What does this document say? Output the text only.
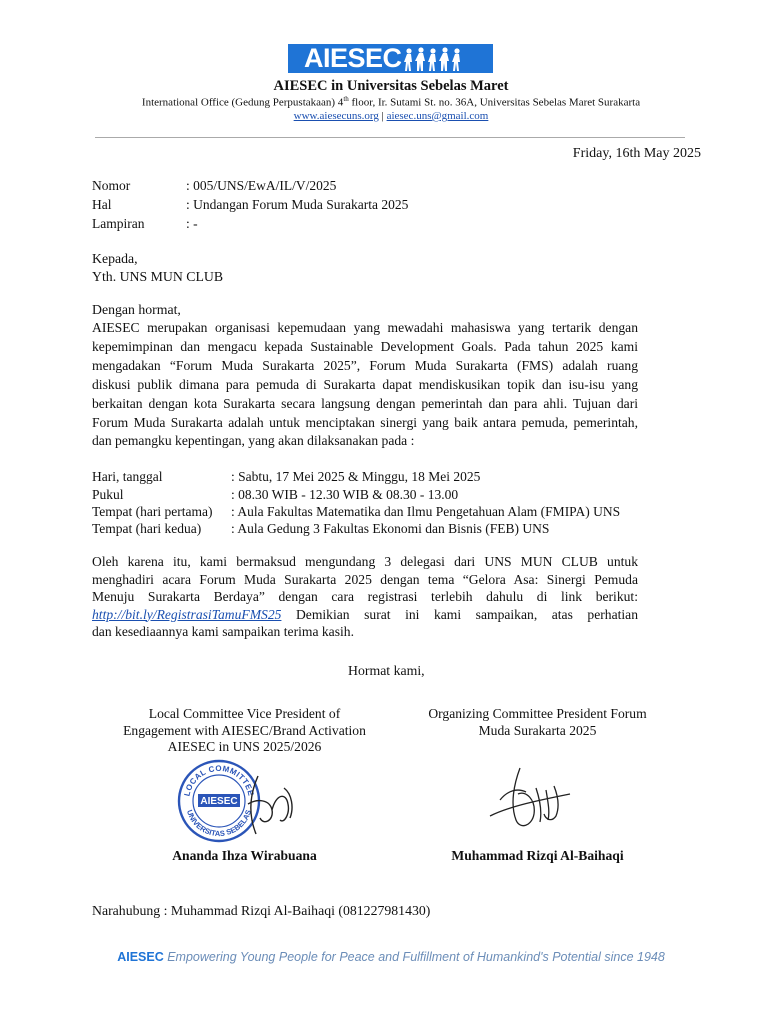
AIESEC
AIESEC in Universitas Sebelas Maret
International Office (Gedung Perpustakaan) 4th floor, Ir. Sutami St. no. 36A, Universitas Sebelas Maret Surakarta
www.aiesecuns.org | aiesec.uns@gmail.com
Friday, 16th May 2025
Nomor	: 005/UNS/EwA/IL/V/2025
Hal	: Undangan Forum Muda Surakarta 2025
Lampiran	: -
Kepada,
Yth. UNS MUN CLUB
Dengan hormat,
AIESEC merupakan organisasi kepemudaan yang mewadahi mahasiswa yang tertarik dengan
kepemimpinan dan mengacu kepada Sustainable Development Goals. Pada tahun 2025 kami
mengadakan “Forum Muda Surakarta 2025”, Forum Muda Surakarta (FMS) adalah ruang
diskusi publik dimana para pemuda di Surakarta dapat mendiskusikan topik dan isu-isu yang
berkaitan dengan kota Surakarta secara langsung dengan pemerintah dan para ahli. Tujuan dari
Forum Muda Surakarta adalah untuk menciptakan sinergi yang baik antara pemuda, pemerintah,
dan pemangku kepentingan, yang akan dilaksanakan pada :
Hari, tanggal	: Sabtu, 17 Mei 2025 & Minggu, 18 Mei 2025
Pukul	: 08.30 WIB - 12.30 WIB & 08.30 - 13.00
Tempat (hari pertama) : Aula Fakultas Matematika dan Ilmu Pengetahuan Alam (FMIPA) UNS
Tempat (hari kedua) : Aula Gedung 3 Fakultas Ekonomi dan Bisnis (FEB) UNS
Oleh karena itu, kami bermaksud mengundang 3 delegasi dari UNS MUN CLUB untuk
menghadiri acara Forum Muda Surakarta 2025 dengan tema “Gelora Asa: Sinergi Pemuda
Menuju Surakarta Berdaya” dengan cara registrasi terlebih dahulu di link berikut:
http://bit.ly/RegistrasiTamuFMS25 Demikian surat ini kami sampaikan, atas perhatian
dan kesediaannya kami sampaikan terima kasih.
Hormat kami,
Local Committee Vice President of
Engagement with AIESEC/Brand Activation
AIESEC in UNS 2025/2026
LOCAL COMMITTEE
UNIVERSITAS SEBELAS
AIESEC
Ananda Ihza Wirabuana
Organizing Committee President Forum
Muda Surakarta 2025
Muhammad Rizqi Al-Baihaqi
Narahubung : Muhammad Rizqi Al-Baihaqi (081227981430)
AIESEC Empowering Young People for Peace and Fulfillment of Humankind's Potential since 1948
